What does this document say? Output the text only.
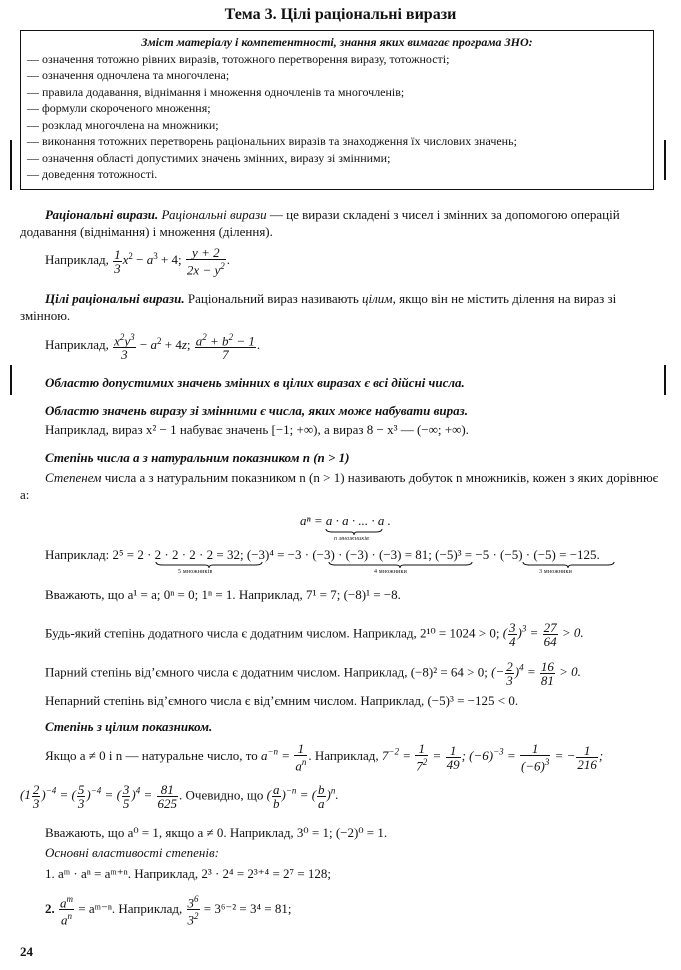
Тема 3. Цілі раціональні вирази
Зміст матеріалу і компетентності, знання яких вимагає програма ЗНО:
— означення тотожно рівних виразів, тотожного перетворення виразу, тотожності;
— означення одночлена та многочлена;
— правила додавання, віднімання і множення одночленів та многочленів;
— формули скороченого множення;
— розклад многочлена на множники;
— виконання тотожних перетворень раціональних виразів та знаходження їх числових значень;
— означення області допустимих значень змінних, виразу зі змінними;
— доведення тотожності.
Раціональні вирази. Раціональні вирази — це вирази складені з чисел і змінних за допомогою операцій додавання (віднімання) і множення (ділення).
Наприклад, $\frac{1}{3} x^2 - a^3 + 4$; $\frac{y + 2}{2x - y^2}$ .
Цілі раціональні вирази. Раціональний вираз називають цілим, якщо він не містить ділення на вираз зі змінною.
Наприклад, $\frac{x^2y^3}{3} - a^2 + 4z$; $\frac{a^2 + b^2 - 1}{7}$ .
Областю допустимих значень змінних в цілих виразах є всі дійсні числа.
Областю значень виразу зі змінними є числа, яких може набувати вираз.
Наприклад, вираз x² − 1 набуває значень [−1; +∞), а вираз 8 − x³ — (−∞; +∞).
Степінь числа a з натуральним показником n (n > 1)
Степенем числа a з натуральним показником n (n > 1) називають добуток n множників, кожен з яких дорівнює a:
aⁿ = a · a · ... · a .
n множників
Наприклад: 2⁵ = 2 · 2 · 2 · 2 · 2 = 32; (−3)⁴ = −3 · (−3) · (−3) · (−3) = 81; (−5)³ = −5 · (−5) · (−5) = −125.
5 множників	4 множники	3 множники
Вважають, що a¹ = a; 0ⁿ = 0; 1ⁿ = 1. Наприклад, 7¹ = 7; (−8)¹ = −8.
Будь-який степінь додатного числа є додатним числом. Наприклад, 2¹⁰ = 1024 > 0; ( $\frac{3}{4} )^3 = \frac{27}{64} > 0$.
Парний степінь від’ємного числа є додатним числом. Наприклад, (−8)² = 64 > 0; (− $\frac{2}{3} )^4 = \frac{16}{81} > 0$.
Непарний степінь від’ємного числа є від’ємним числом. Наприклад, (−5)³ = −125 < 0.
Степінь з цілим показником.
Якщо a ≠ 0 і n — натуральне число, то $a^{-n} = \frac{1}{a^n}$ . Наприклад, $7^{-2} = \frac{1}{7^2} = \frac{1}{49}$ ; $(-6)^{-3} = \frac{1}{(-6)^3}$ = − $\frac{1}{216}$ ;
$(1 \frac{2}{3} )^{-4}$ = ( $\frac{5}{3} )^{-4}$ = ( $\frac{3}{5} )^4 = \frac{81}{625}$ . Очевидно, що ( $\frac{a}{b} )^{-n}$ = ( $\frac{b}{a} )^n$.
Вважають, що a⁰ = 1, якщо a ≠ 0. Наприклад, 3⁰ = 1; (−2)⁰ = 1.
Основні властивості степенів:
1. aᵐ · aⁿ = aᵐ⁺ⁿ. Наприклад, 2³ · 2⁴ = 2³⁺⁴ = 2⁷ = 128;
2. $\frac{a^m}{a^n}$ = aᵐ⁻ⁿ. Наприклад, $\frac{3^6}{3^2} = 3^{6-2} = 3^4 = 81$;
24
